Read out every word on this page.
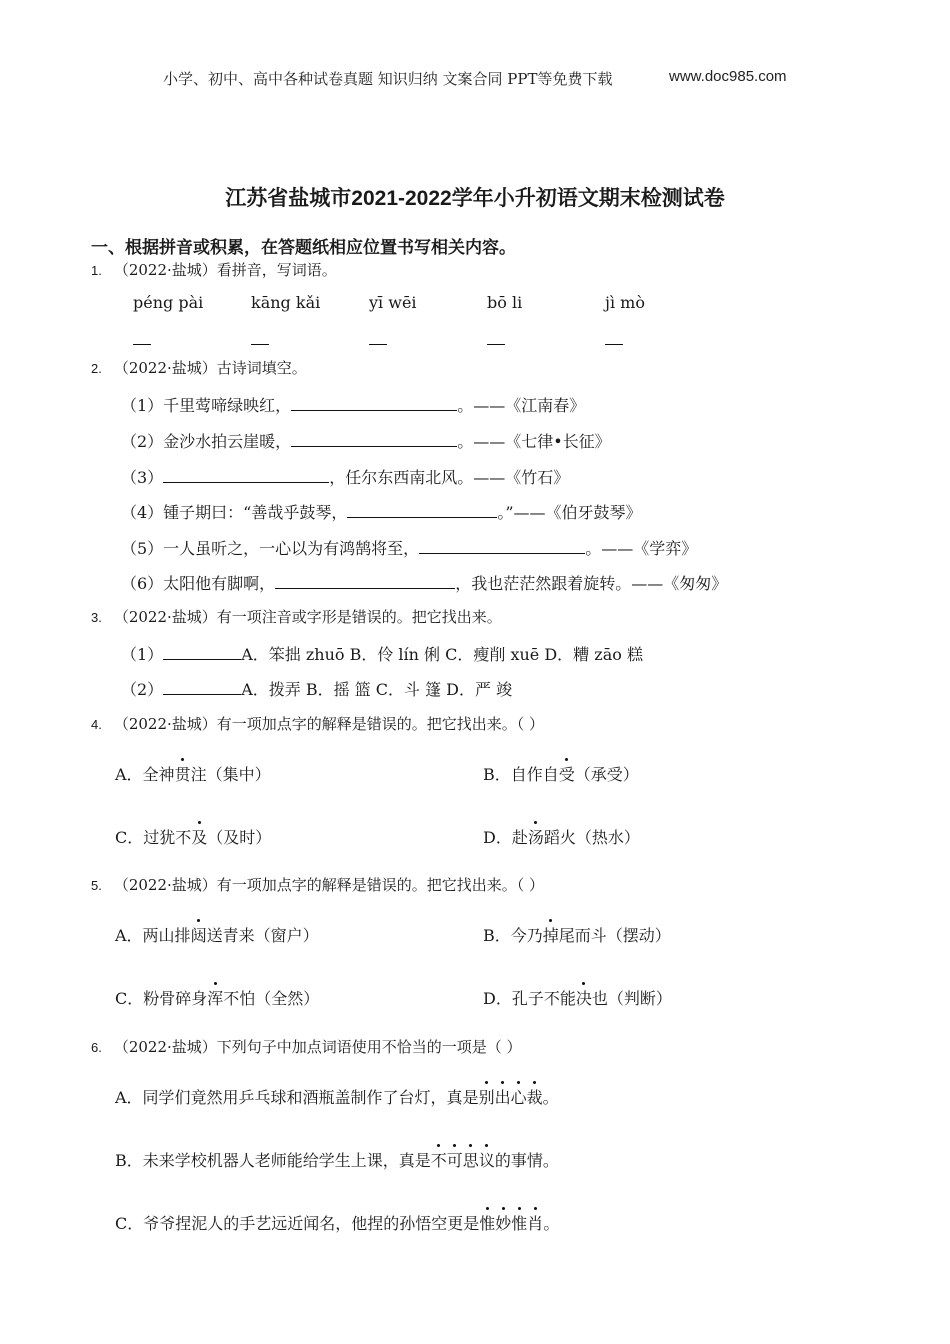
小学、初中、高中各种试卷真题 知识归纳 文案合同 PPT等免费下载	www.doc985.com
江苏省盐城市2021-2022学年小升初语文期末检测试卷
一、根据拼音或积累，在答题纸相应位置书写相关内容。
1. （2022·盐城）看拼音，写词语。
péng pài	kāng kǎi	yī wēi	bō li	jì mò
2. （2022·盐城）古诗词填空。
（1）千里莺啼绿映红，	。——《江南春》
（2）金沙水拍云崖暖，	。——《七律•长征》
（3）	，任尔东西南北风。——《竹石》
（4）锺子期曰：“善哉乎鼓琴，	。”——《伯牙鼓琴》
（5）一人虽听之，一心以为有鸿鹄将至，	。——《学弈》
（6）太阳他有脚啊，	，我也茫茫然跟着旋转。——《匆匆》
3. （2022·盐城）有一项注音或字形是错误的。把它找出来。
（1）	A．笨拙 zhuō B．伶 lín 俐 C．瘦削 xuē D．糟 zāo 糕
（2）	A．拨弄 B．摇 篮 C．斗 篷 D．严 竣
4. （2022·盐城）有一项加点字的解释是错误的。把它找出来。（ ）
A．全神贯注（集中）	B．自作自受（承受）
C．过犹不及（及时）	D．赴汤蹈火（热水）
5. （2022·盐城）有一项加点字的解释是错误的。把它找出来。（ ）
A．两山排闼送青来（窗户）	B．今乃掉尾而斗（摆动）
C．粉骨碎身浑不怕（全然）	D．孔子不能决也（判断）
6. （2022·盐城）下列句子中加点词语使用不恰当的一项是（ ）
A．同学们竟然用乒乓球和酒瓶盖制作了台灯，真是别出心裁。
B．未来学校机器人老师能给学生上课，真是不可思议的事情。
C．爷爷捏泥人的手艺远近闻名，他捏的孙悟空更是惟妙惟肖。
